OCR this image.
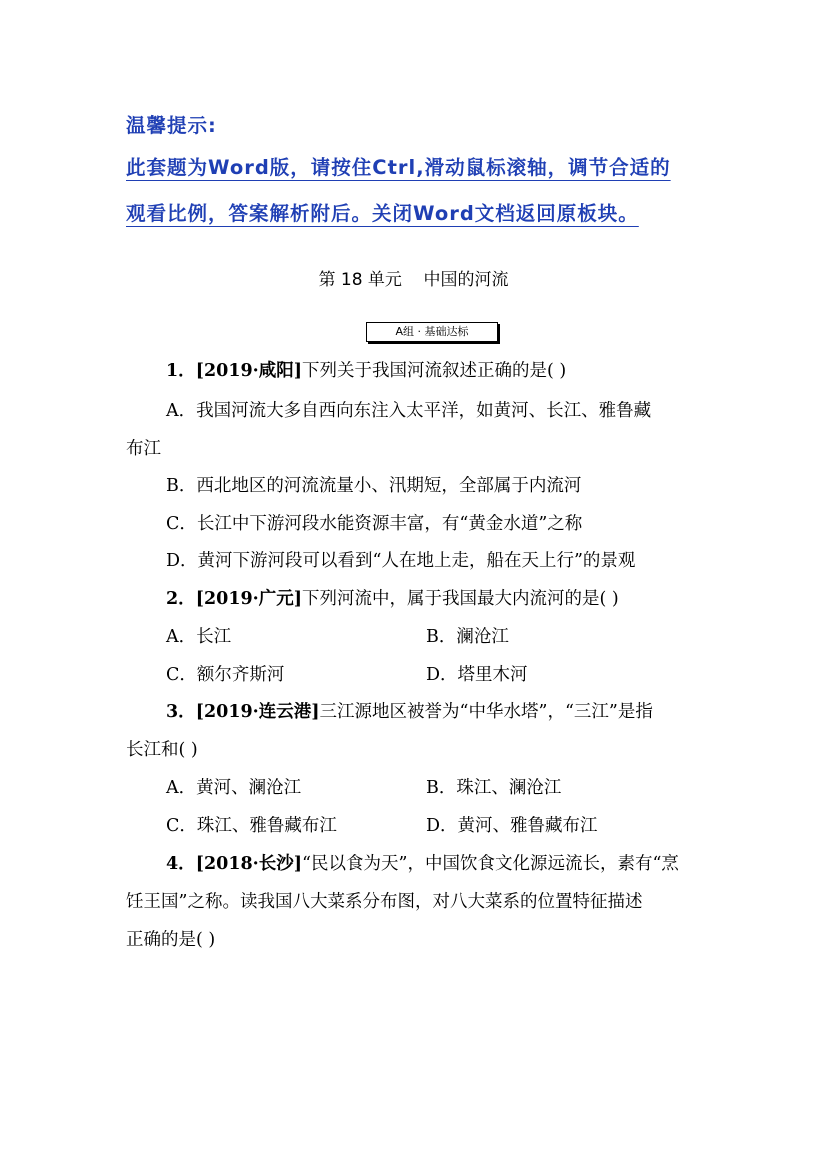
温馨提示:
此套题为Word版，请按住Ctrl,滑动鼠标滚轴，调节合适的
观看比例，答案解析附后。关闭Word文档返回原板块。
第 18 单元    中国的河流
A组 · 基础达标
1．[2019·咸阳]下列关于我国河流叙述正确的是( )
A．我国河流大多自西向东注入太平洋，如黄河、长江、雅鲁藏
布江
B．西北地区的河流流量小、汛期短，全部属于内流河
C．长江中下游河段水能资源丰富，有“黄金水道”之称
D．黄河下游河段可以看到“人在地上走，船在天上行”的景观
2．[2019·广元]下列河流中，属于我国最大内流河的是( )
A．长江	B．澜沧江
C．额尔齐斯河	D．塔里木河
3．[2019·连云港]三江源地区被誉为“中华水塔”，“三江”是指
长江和( )
A．黄河、澜沧江	B．珠江、澜沧江
C．珠江、雅鲁藏布江	D．黄河、雅鲁藏布江
4．[2018·长沙]“民以食为天”，中国饮食文化源远流长，素有“烹
饪王国”之称。读我国八大菜系分布图，对八大菜系的位置特征描述
正确的是( )
